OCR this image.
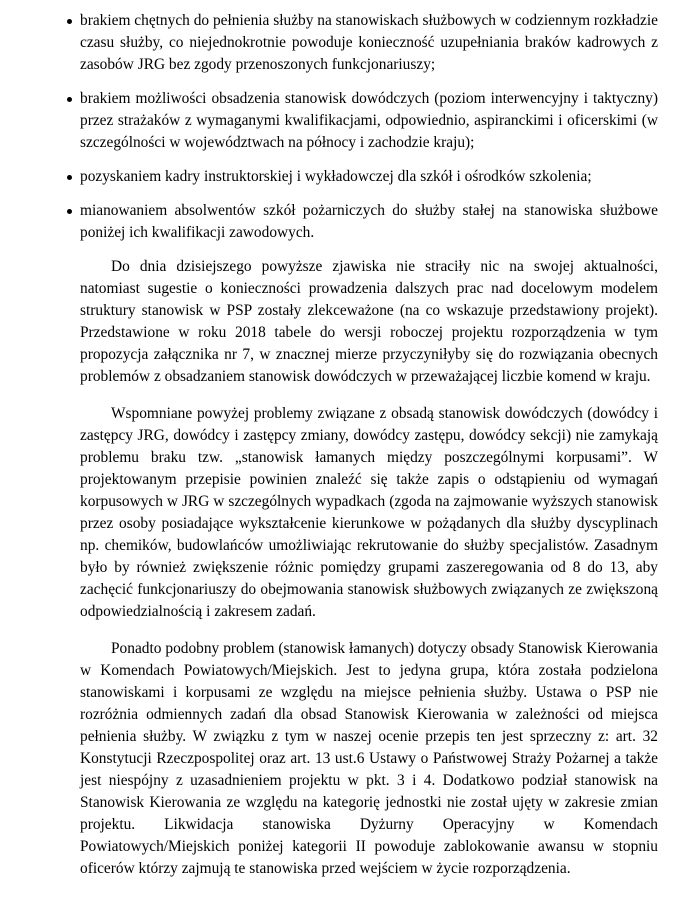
brakiem chętnych do pełnienia służby na stanowiskach służbowych w codziennym rozkładzie czasu służby, co niejednokrotnie powoduje konieczność uzupełniania braków kadrowych z zasobów JRG bez zgody przenoszonych funkcjonariuszy;
brakiem możliwości obsadzenia stanowisk dowódczych (poziom interwencyjny i taktyczny) przez strażaków z wymaganymi kwalifikacjami, odpowiednio, aspiranckimi i oficerskimi (w szczególności w województwach na północy i zachodzie kraju);
pozyskaniem kadry instruktorskiej i wykładowczej dla szkół i ośrodków szkolenia;
mianowaniem absolwentów szkół pożarniczych do służby stałej na stanowiska służbowe poniżej ich kwalifikacji zawodowych.

Do dnia dzisiejszego powyższe zjawiska nie straciły nic na swojej aktualności, natomiast sugestie o konieczności prowadzenia dalszych prac nad docelowym modelem struktury stanowisk w PSP zostały zlekceważone (na co wskazuje przedstawiony projekt). Przedstawione w roku 2018 tabele do wersji roboczej projektu rozporządzenia w tym propozycja załącznika nr 7, w znacznej mierze przyczyniłyby się do rozwiązania obecnych problemów z obsadzaniem stanowisk dowódczych w przeważającej liczbie komend w kraju.

Wspomniane powyżej problemy związane z obsadą stanowisk dowódczych (dowódcy i zastępcy JRG, dowódcy i zastępcy zmiany, dowódcy zastępu, dowódcy sekcji) nie zamykają problemu braku tzw. „stanowisk łamanych między poszczególnymi korpusami”. W projektowanym przepisie powinien znaleźć się także zapis o odstąpieniu od wymagań korpusowych w JRG w szczególnych wypadkach (zgoda na zajmowanie wyższych stanowisk przez osoby posiadające wykształcenie kierunkowe w pożądanych dla służby dyscyplinach np. chemików, budowlańców umożliwiając rekrutowanie do służby specjalistów. Zasadnym było by również zwiększenie różnic pomiędzy grupami zaszeregowania od 8 do 13, aby zachęcić funkcjonariuszy do obejmowania stanowisk służbowych związanych ze zwiększoną odpowiedzialnością i zakresem zadań.

Ponadto podobny problem (stanowisk łamanych) dotyczy obsady Stanowisk Kierowania w Komendach Powiatowych/Miejskich. Jest to jedyna grupa, która została podzielona stanowiskami i korpusami ze względu na miejsce pełnienia służby. Ustawa o PSP nie rozróżnia odmiennych zadań dla obsad Stanowisk Kierowania w zależności od miejsca pełnienia służby. W związku z tym w naszej ocenie przepis ten jest sprzeczny z: art. 32 Konstytucji Rzeczpospolitej oraz art. 13 ust.6 Ustawy o Państwowej Straży Pożarnej a także jest niespójny z uzasadnieniem projektu w pkt. 3 i 4. Dodatkowo podział stanowisk na Stanowisk Kierowania ze względu na kategorię jednostki nie został ujęty w zakresie zmian projektu. Likwidacja stanowiska Dyżurny Operacyjny w Komendach Powiatowych/Miejskich poniżej kategorii II powoduje zablokowanie awansu w stopniu oficerów którzy zajmują te stanowiska przed wejściem w życie rozporządzenia.
